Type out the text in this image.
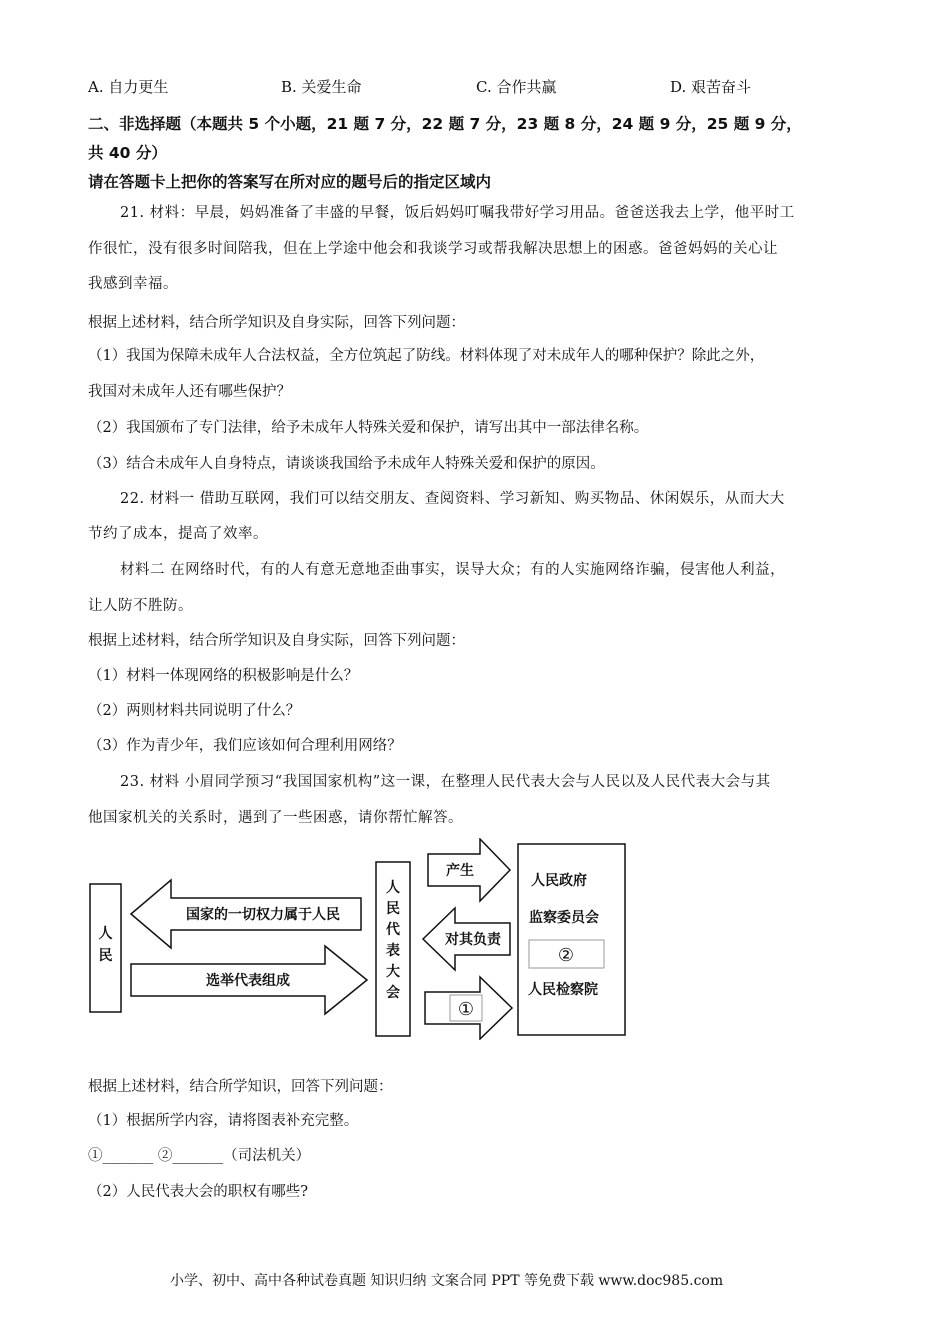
A. 自力更生	B. 关爱生命	C. 合作共赢	D. 艰苦奋斗
二、非选择题（本题共 5 个小题，21 题 7 分，22 题 7 分，23 题 8 分，24 题 9 分，25 题 9 分，
共 40 分）
请在答题卡上把你的答案写在所对应的题号后的指定区域内
21. 材料：早晨，妈妈准备了丰盛的早餐，饭后妈妈叮嘱我带好学习用品。爸爸送我去上学，他平时工
作很忙，没有很多时间陪我，但在上学途中他会和我谈学习或帮我解决思想上的困惑。爸爸妈妈的关心让
我感到幸福。
根据上述材料，结合所学知识及自身实际，回答下列问题：
（1）我国为保障未成年人合法权益，全方位筑起了防线。材料体现了对未成年人的哪种保护？除此之外，
我国对未成年人还有哪些保护？
（2）我国颁布了专门法律，给予未成年人特殊关爱和保护，请写出其中一部法律名称。
（3）结合未成年人自身特点，请谈谈我国给予未成年人特殊关爱和保护的原因。
22. 材料一 借助互联网，我们可以结交朋友、查阅资料、学习新知、购买物品、休闲娱乐，从而大大
节约了成本，提高了效率。
材料二 在网络时代，有的人有意无意地歪曲事实，误导大众；有的人实施网络诈骗，侵害他人利益，
让人防不胜防。
根据上述材料，结合所学知识及自身实际，回答下列问题：
（1）材料一体现网络的积极影响是什么？
（2）两则材料共同说明了什么？
（3）作为青少年，我们应该如何合理利用网络？
23. 材料 小眉同学预习“我国国家机构”这一课，在整理人民代表大会与人民以及人民代表大会与其
他国家机关的关系时，遇到了一些困惑，请你帮忙解答。
人
民
国家的一切权力属于人民
选举代表组成
人
民
代
表
大
会
产生
对其负责
①
人民政府
监察委员会
②
人民检察院
根据上述材料，结合所学知识，回答下列问题：
（1）根据所学内容，请将图表补充完整。
①_______ ②_______（司法机关）
（2）人民代表大会的职权有哪些?
小学、初中、高中各种试卷真题 知识归纳 文案合同 PPT 等免费下载 www.doc985.com
